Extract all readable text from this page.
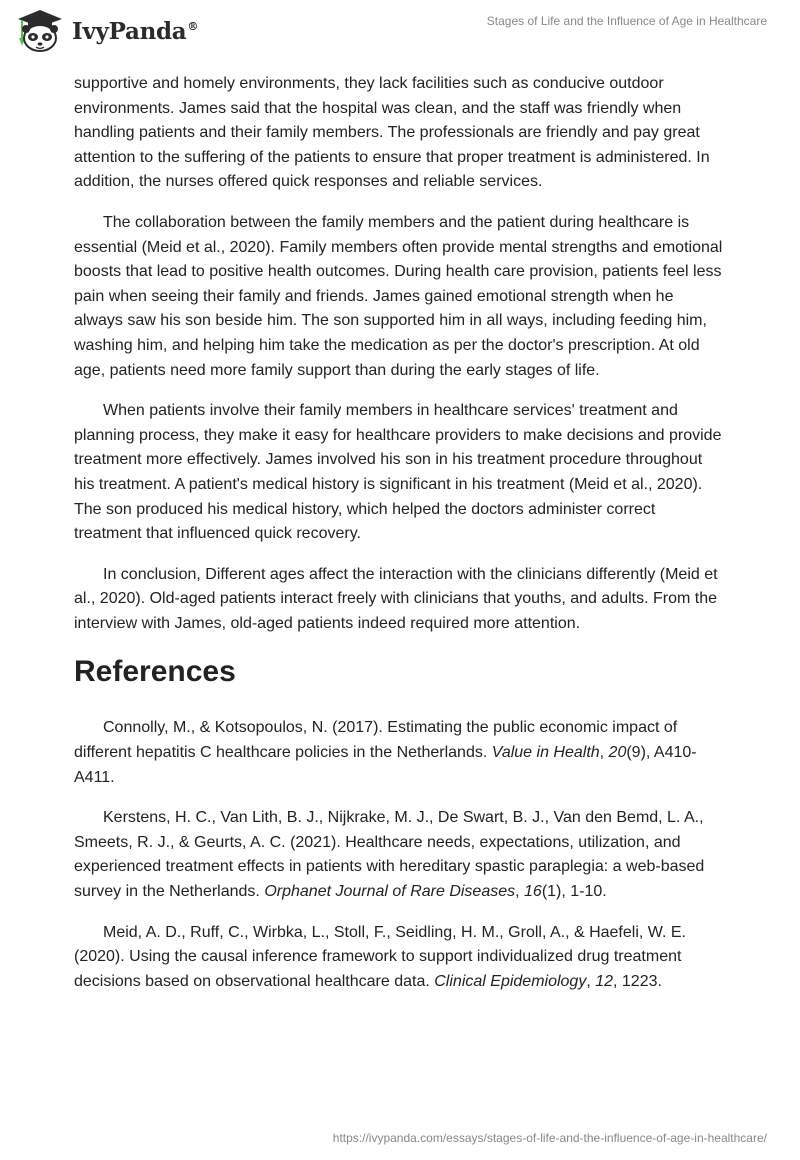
IvyPanda®	Stages of Life and the Influence of Age in Healthcare

supportive and homely environments, they lack facilities such as conducive outdoor environments. James said that the hospital was clean, and the staff was friendly when handling patients and their family members. The professionals are friendly and pay great attention to the suffering of the patients to ensure that proper treatment is administered. In addition, the nurses offered quick responses and reliable services.

The collaboration between the family members and the patient during healthcare is essential (Meid et al., 2020). Family members often provide mental strengths and emotional boosts that lead to positive health outcomes. During health care provision, patients feel less pain when seeing their family and friends. James gained emotional strength when he always saw his son beside him. The son supported him in all ways, including feeding him, washing him, and helping him take the medication as per the doctor's prescription. At old age, patients need more family support than during the early stages of life.

When patients involve their family members in healthcare services' treatment and planning process, they make it easy for healthcare providers to make decisions and provide treatment more effectively. James involved his son in his treatment procedure throughout his treatment. A patient's medical history is significant in his treatment (Meid et al., 2020). The son produced his medical history, which helped the doctors administer correct treatment that influenced quick recovery.

In conclusion, Different ages affect the interaction with the clinicians differently (Meid et al., 2020). Old-aged patients interact freely with clinicians that youths, and adults. From the interview with James, old-aged patients indeed required more attention.

References

Connolly, M., & Kotsopoulos, N. (2017). Estimating the public economic impact of different hepatitis C healthcare policies in the Netherlands. Value in Health, 20(9), A410-A411.

Kerstens, H. C., Van Lith, B. J., Nijkrake, M. J., De Swart, B. J., Van den Bemd, L. A., Smeets, R. J., & Geurts, A. C. (2021). Healthcare needs, expectations, utilization, and experienced treatment effects in patients with hereditary spastic paraplegia: a web-based survey in the Netherlands. Orphanet Journal of Rare Diseases, 16(1), 1-10.

Meid, A. D., Ruff, C., Wirbka, L., Stoll, F., Seidling, H. M., Groll, A., & Haefeli, W. E. (2020). Using the causal inference framework to support individualized drug treatment decisions based on observational healthcare data. Clinical Epidemiology, 12, 1223.

https://ivypanda.com/essays/stages-of-life-and-the-influence-of-age-in-healthcare/
